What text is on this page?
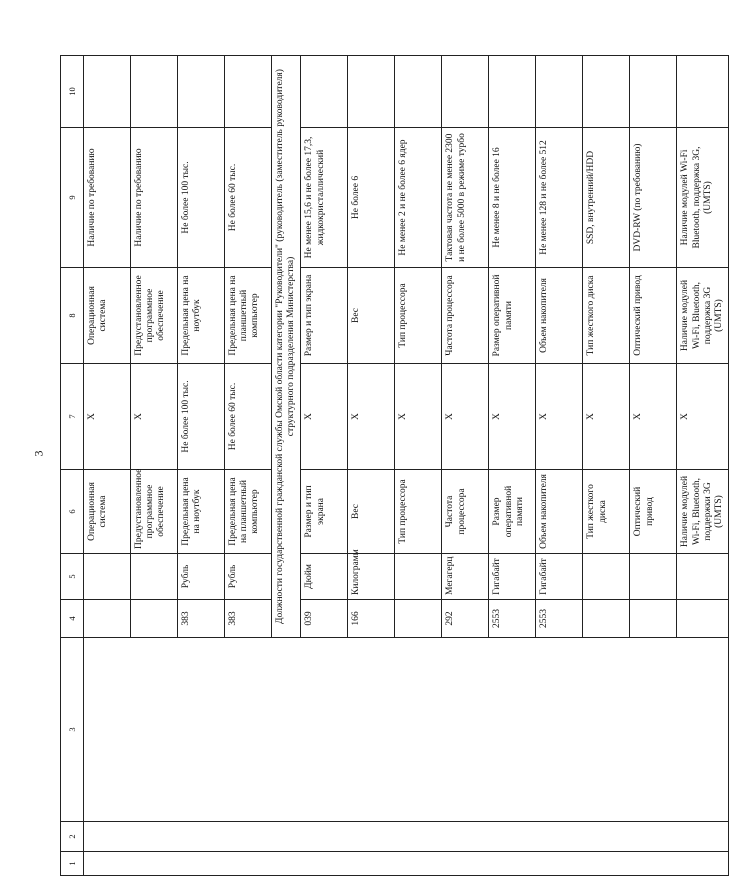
3
1	2	3	4	5	6	7	8	9	10
					Операционная система	X	Операционная система	Наличие по требованию	
					Предустановленное программное обеспечение	X	Предустановленное программное обеспечение	Наличие по требованию	
			383	Рубль	Предельная цена на ноутбук	Не более 100 тыс.	Предельная цена на ноутбук	Не более 100 тыс.	
			383	Рубль	Предельная цена на планшетный компьютер	Не более 60 тыс.	Предельная цена на планшетный компьютер	Не более 60 тыс.	
			Должности государственной гражданской службы Омской области категории "Руководители" (руководитель (заместитель руководителя) структурного подразделения Министерства)						
			039	Дюйм	Размер и тип экрана	X	Размер и тип экрана	Не менее 15,6 и не более 17,3, жидкокристаллический	
			166	Килограмм	Вес	X	Вес	Не более 6	
					Тип процессора	X	Тип процессора	Не менее 2 и не более 6 ядер	
			292	Мегагерц	Частота процессора	X	Частота процессора	Тактовая частота не менее 2300 и не более 5000 в режиме турбо	
			2553	Гигабайт	Размер оперативной памяти	X	Размер оперативной памяти	Не менее 8 и не более 16	
			2553	Гигабайт	Объем накопителя	X	Объем накопителя	Не менее 128 и не более 512	
					Тип жесткого диска	X	Тип жесткого диска	SSD, внутренний/HDD	
					Оптический привод	X	Оптический привод	DVD-RW (по требованию)	
					Наличие модулей Wi-Fi, Bluetooth, поддержки 3G (UMTS)	X	Наличие модулей Wi-Fi, Bluetooth, поддержка 3G (UMTS)	Наличие модулей Wi-Fi Bluetooth, поддержка 3G, (UMTS)	
